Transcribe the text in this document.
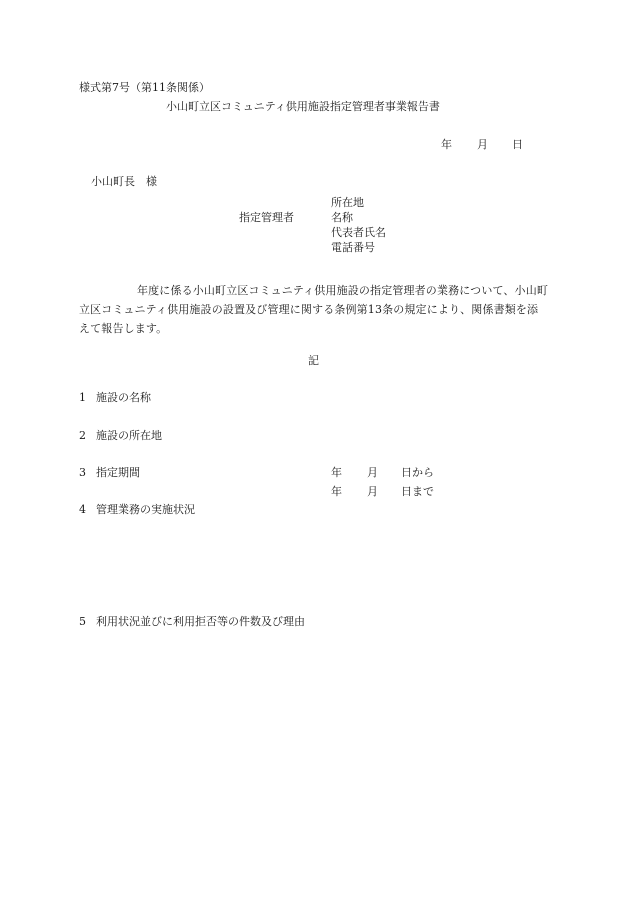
様式第7号（第11条関係）
小山町立区コミュニティ供用施設指定管理者事業報告書
年 月 日
小山町長　様
指定管理者
所在地
名称
代表者氏名
電話番号
年度に係る小山町立区コミュニティ供用施設の指定管理者の業務について、小山町立区コミュニティ供用施設の設置及び管理に関する条例第13条の規定により、関係書類を添えて報告します。
記
1 施設の名称
2 施設の所在地
3 指定期間	年 月 日から
年 月 日まで
4 管理業務の実施状況
5 利用状況並びに利用拒否等の件数及び理由
